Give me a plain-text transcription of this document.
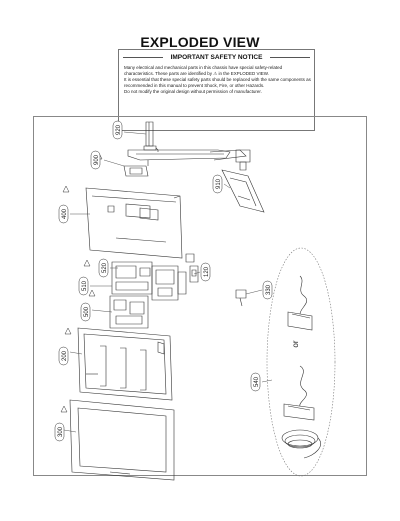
EXPLODED VIEW
IMPORTANT SAFETY NOTICE

Many electrical and mechanical parts in this chassis have special safety-related characteristics. These parts are identified by ⚠ in the EXPLODED VIEW.

It is essential that these special safety parts should be replaced with the same components as recommended in this manual to prevent Shock, Fire, or other Hazards.

Do not modify the original design without permission of manufacturer.

920
900
910
400
520
510
120
500
330
200
540
300
or
